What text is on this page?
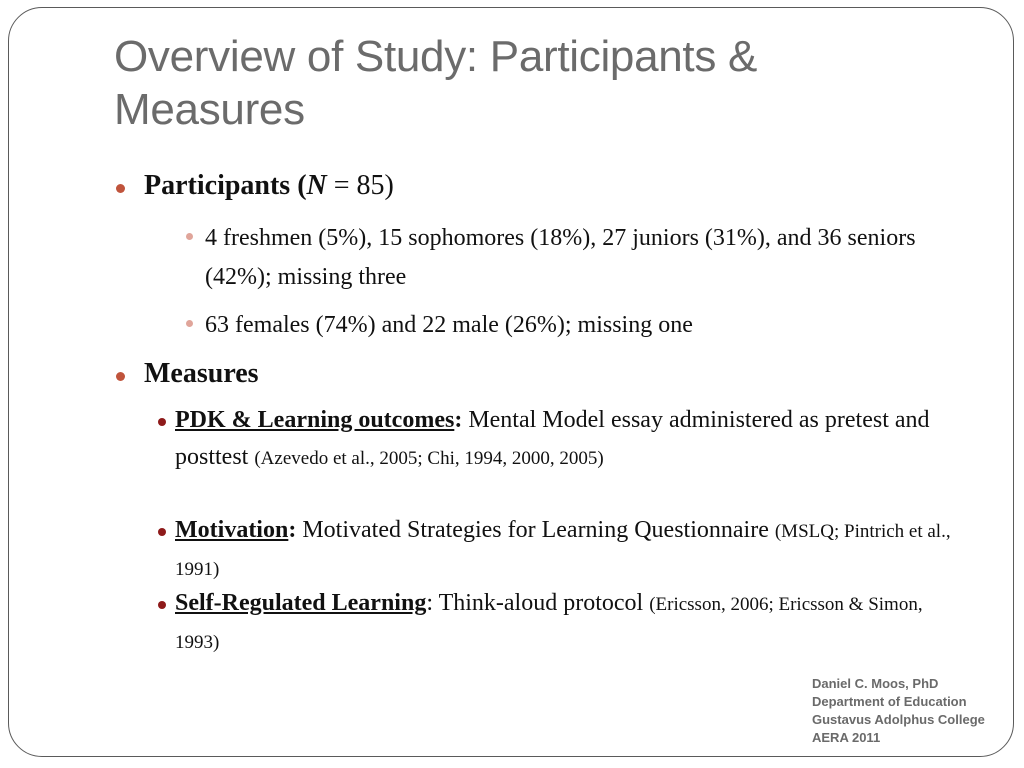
Overview of Study: Participants & Measures
Participants (N = 85)
4 freshmen (5%), 15 sophomores (18%), 27 juniors (31%), and 36 seniors (42%); missing three
63 females (74%) and 22 male (26%); missing one
Measures
PDK & Learning outcomes: Mental Model essay administered as pretest and posttest (Azevedo et al., 2005; Chi, 1994, 2000, 2005)
Motivation: Motivated Strategies for Learning Questionnaire (MSLQ; Pintrich et al., 1991)
Self-Regulated Learning: Think-aloud protocol (Ericsson, 2006; Ericsson & Simon, 1993)
Daniel C. Moos, PhD
Department of Education
Gustavus Adolphus College
AERA 2011
